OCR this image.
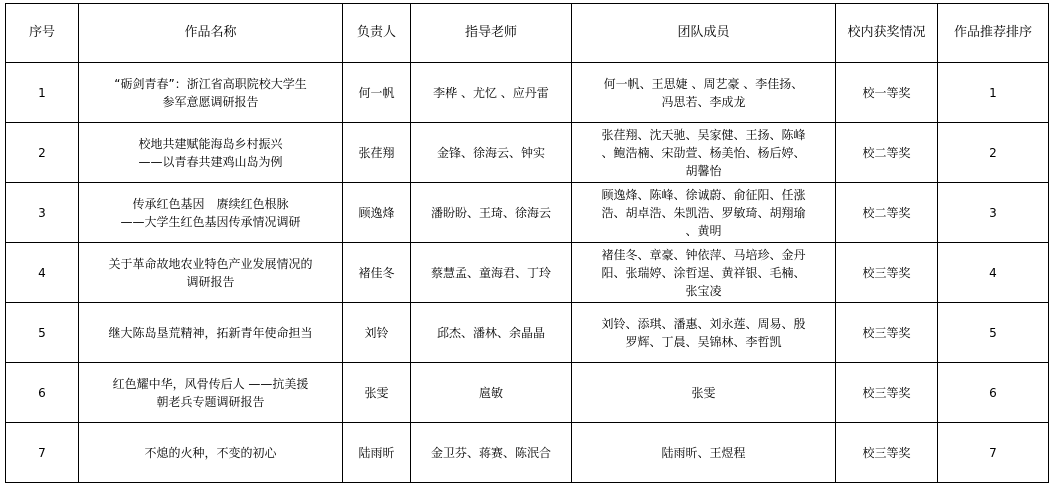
序号	作品名称	负责人	指导老师	团队成员	校内获奖情况	作品推荐排序

1	“砺剑青春”：浙江省高职院校大学生
参军意愿调研报告	何一帆	李桦 、尤忆 、应丹雷	何一帆、王思婕 、周艺豪 、李佳扬、
冯思若、李成龙	校一等奖	1

2	校地共建赋能海岛乡村振兴
——以青春共建鸡山岛为例	张荏翔	金锋、徐海云、钟实	张荏翔、沈天驰、吴家健、王扬、陈峰
、鲍浩楠、宋劭萱、杨美怡、杨后婷、
胡馨怡	校二等奖	2

3	传承红色基因　赓续红色根脉
——大学生红色基因传承情况调研	顾逸烽	潘盼盼、王琦、徐海云	顾逸烽、陈峰、徐诚蔚、俞征阳、任涨
浩、胡卓浩、朱凯浩、罗敏琦、胡翔瑜
、黄明	校二等奖	3

4	关于革命故地农业特色产业发展情况的
调研报告	褚佳冬	蔡慧孟、童海君、丁玲	褚佳冬、章豪、钟依萍、马培珍、金丹
阳、张瑞婷、涂哲逞、黄祥银、毛楠、
张宝凌	校三等奖	4

5	继大陈岛垦荒精神，拓新青年使命担当	刘铃	邱杰、潘林、余晶晶	刘铃、添琪、潘惠、刘永莲、周易、殷
罗辉、丁晨、吴锦林、李哲凯	校三等奖	5

6	红色耀中华，风骨传后人 ——抗美援
朝老兵专题调研报告	张雯	扈敏	张雯	校三等奖	6

7	不熄的火种，不变的初心	陆雨昕	金卫芬、蒋赛、陈泯合	陆雨昕、王煜程	校三等奖	7
